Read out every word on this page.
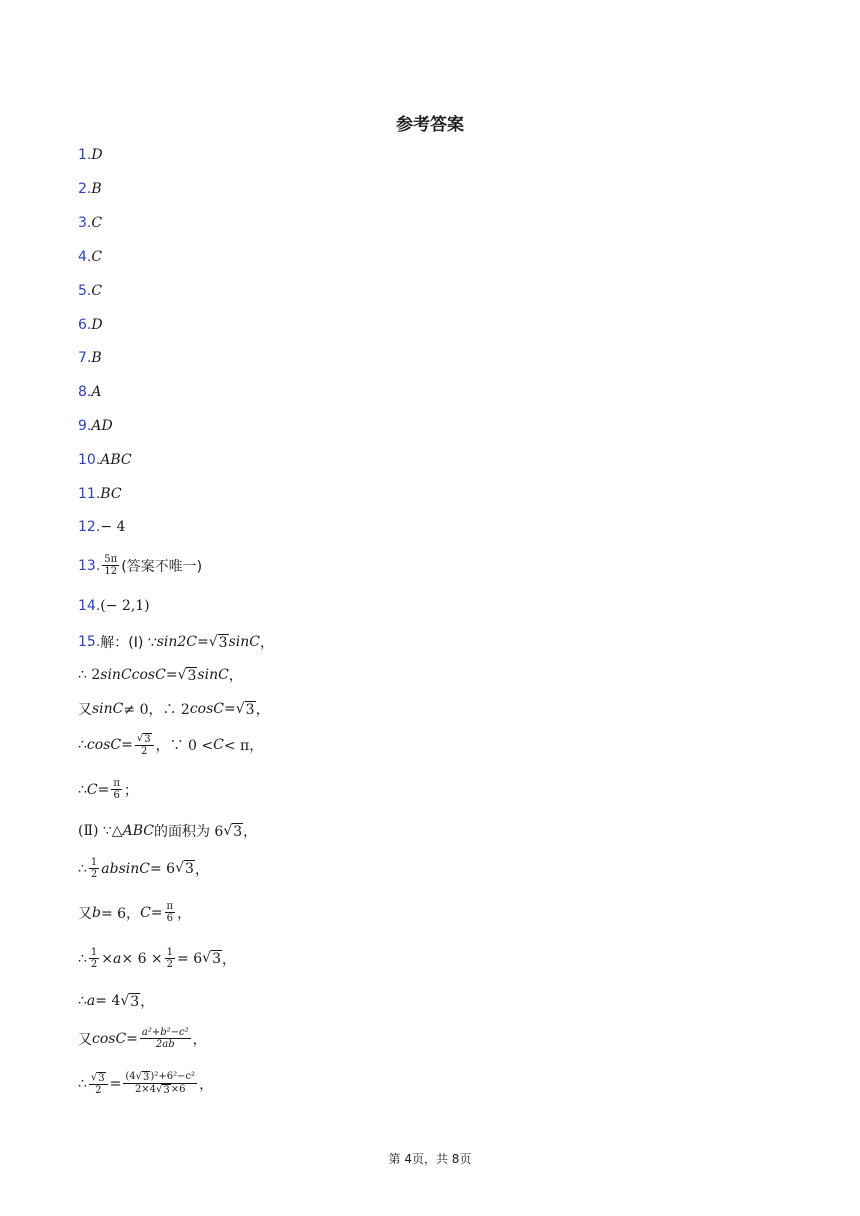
参考答案
1. D
2. B
3. C
4. C
5. C
6. D
7. B
8. A
9. AD
10. ABC
11. BC
12. − 4
13. $\frac{5\pi}{12}$ (答案不唯一)
14. (− 2,1)
15. 解：(Ⅰ) ∵ sin2C = √ 3 sinC ，
∴ 2 sinCcosC = √ 3 sinC ，
又 sinC ≠ 0，∴ 2 cosC = √ 3 ，
∴ $\cos C = \frac{√ 3}{2}$ ，∵ 0 < C < π，
∴ $C = \frac{\pi}{6}$ ；
(Ⅱ) ∵△ ABC 的面积为 6 √ 3 ，
∴ $\frac{1}{2}$ absinC = 6 √ 3 ，
又 b = 6， $C = \frac{\pi}{6}$ ，
∴ $\frac{1}{2} \times a \times 6 \times \frac{1}{2} = 6$ √ 3 ，
∴ a = 4 √ 3 ，
又 $\cos C = \frac{\text{a²+b²−c²}}{2ab}$ ，
∴ $\frac{√ 3}{2} = \frac{\text{(4 √ 3 )²+6²−c²}}{2\times 4 √ 3 \times 6}$ ，
第 4页，共 8页
